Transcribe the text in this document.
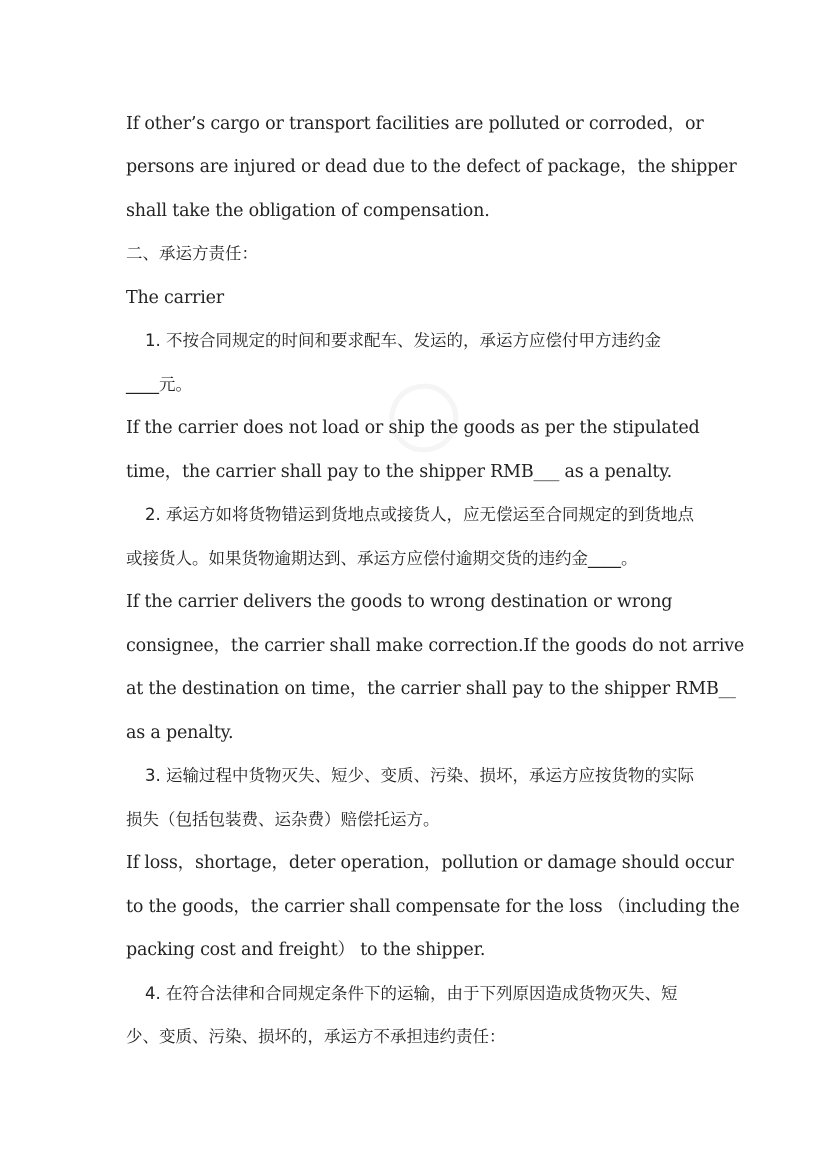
○
If other’s cargo or transport facilities are polluted or corroded，or
persons are injured or dead due to the defect of package，the shipper
shall take the obligation of compensation.
二、承运方责任：
The carrier
1. 不按合同规定的时间和要求配车、发运的，承运方应偿付甲方违约金
____元。
If the carrier does not load or ship the goods as per the stipulated
time，the carrier shall pay to the shipper RMB___ as a penalty.
2. 承运方如将货物错运到货地点或接货人，应无偿运至合同规定的到货地点
或接货人。如果货物逾期达到、承运方应偿付逾期交货的违约金____。
If the carrier delivers the goods to wrong destination or wrong
consignee，the carrier shall make correction.If the goods do not arrive
at the destination on time，the carrier shall pay to the shipper RMB__
as a penalty.
3. 运输过程中货物灭失、短少、变质、污染、损坏，承运方应按货物的实际
损失（包括包装费、运杂费）赔偿托运方。
If loss，shortage，deter operation，pollution or damage should occur
to the goods，the carrier shall compensate for the loss （including the
packing cost and freight） to the shipper.
4. 在符合法律和合同规定条件下的运输，由于下列原因造成货物灭失、短
少、变质、污染、损坏的，承运方不承担违约责任：
